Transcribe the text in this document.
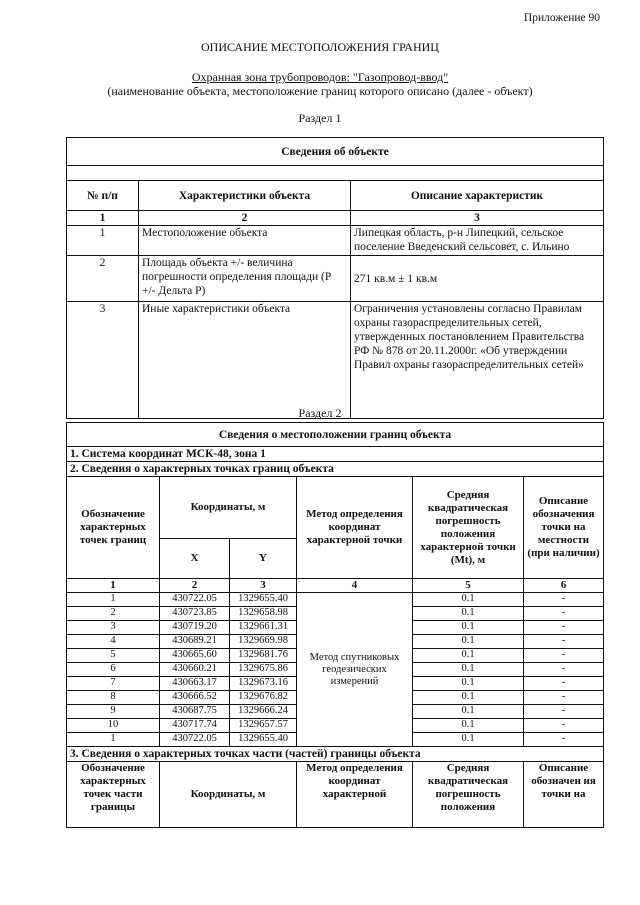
Приложение 90
ОПИСАНИЕ МЕСТОПОЛОЖЕНИЯ ГРАНИЦ
Охранная зона трубопроводов: "Газопровод-ввод"
(наименование объекта, местоположение границ которого описано (далее - объект)
Раздел 1
Сведения об объекте		

№ п/п	Характеристики объекта	Описание характеристик
1	2	3
1	Местоположение объекта	Липецкая область, р-н Липецкий, сельское поселение Введенский сельсовет, с. Ильино
2	Площадь объекта +/- величина погрешности определения площади (P +/- Дельта P)	271 кв.м ± 1 кв.м
3	Иные характеристики объекта	Ограничения установлены согласно Правилам охраны газораспределительных сетей, утвержденных постановлением Правительства РФ № 878 от 20.11.2000г. «Об утверждении Правил охраны газораспределительных сетей»
Раздел 2
Сведения о местоположении границ объекта					
1. Система координат МСК-48, зона 1					
2. Сведения о характерных точках границ объекта					
Обозначение характерных точек границ	Координаты, м		Метод определения координат характерной точки	Средняя квадратическая погрешность положения характерной точки (Mt), м	Описание обозначения точки на местности (при наличии)
	X	Y			
1	2	3	4	5	6
1	430722.05	1329655.40	Метод спутниковых геодезических измерений	0.1	-
2	430723.85	1329658.98		0.1	-
3	430719.20	1329661.31		0.1	-
4	430689.21	1329669.98		0.1	-
5	430665.60	1329681.76		0.1	-
6	430660.21	1329675.86		0.1	-
7	430663.17	1329673.16		0.1	-
8	430666.52	1329676.82		0.1	-
9	430687.75	1329666.24		0.1	-
10	430717.74	1329657.57		0.1	-
1	430722.05	1329655.40		0.1	-
3. Сведения о характерных точках части (частей) границы объекта					
Обозначение характерных точек части границы	Координаты, м		Метод определения координат характерной	Средняя квадратическая погрешность положения	Описание обозначен ия точки на
